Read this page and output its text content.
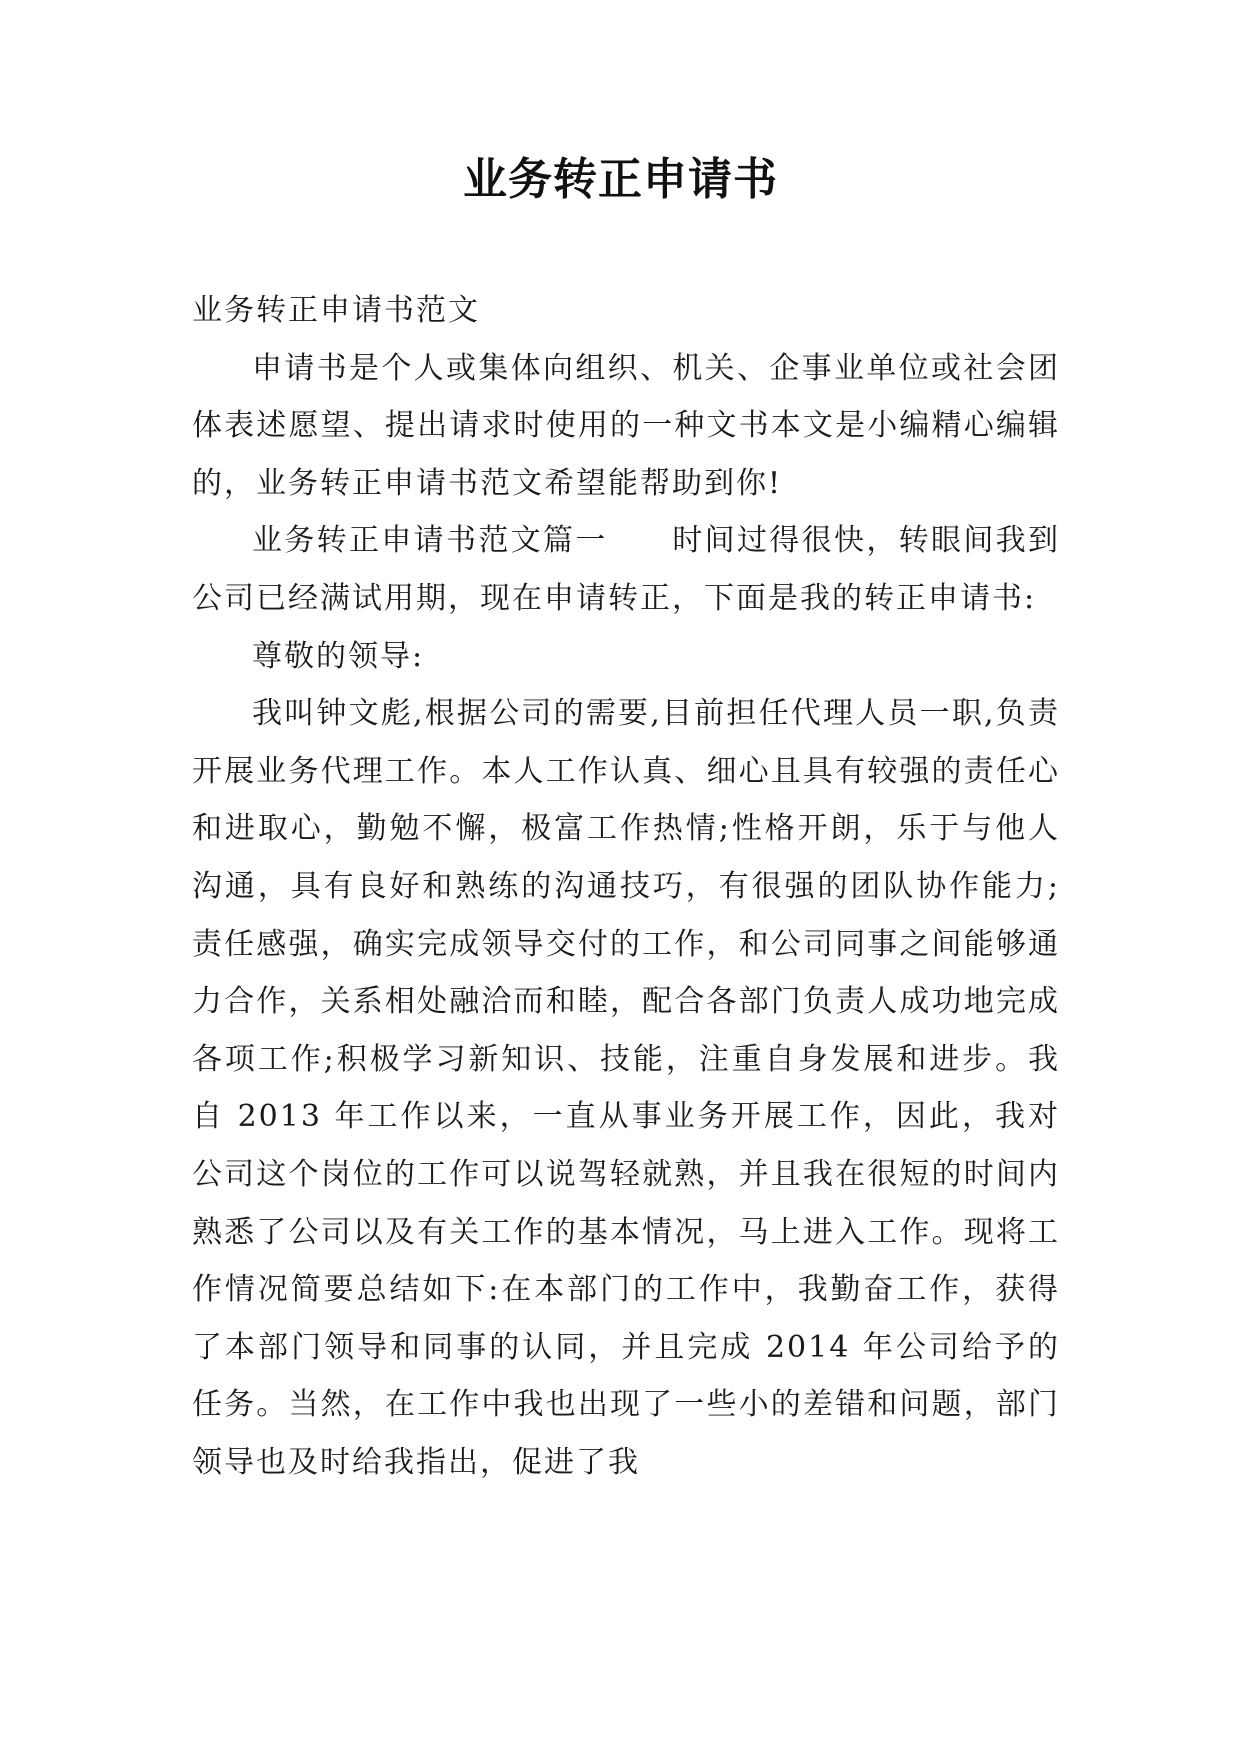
业务转正申请书

业务转正申请书范文

申请书是个人或集体向组织、机关、企事业单位或社会团体表述愿望、提出请求时使用的一种文书本文是小编精心编辑的，业务转正申请书范文希望能帮助到你!

业务转正申请书范文篇一　　时间过得很快，转眼间我到公司已经满试用期，现在申请转正，下面是我的转正申请书:

尊敬的领导:

我叫钟文彪,根据公司的需要,目前担任代理人员一职,负责开展业务代理工作。本人工作认真、细心且具有较强的责任心和进取心，勤勉不懈，极富工作热情;性格开朗，乐于与他人沟通，具有良好和熟练的沟通技巧，有很强的团队协作能力;责任感强，确实完成领导交付的工作，和公司同事之间能够通力合作，关系相处融洽而和睦，配合各部门负责人成功地完成各项工作;积极学习新知识、技能，注重自身发展和进步。我自 2013 年工作以来，一直从事业务开展工作，因此，我对公司这个岗位的工作可以说驾轻就熟，并且我在很短的时间内熟悉了公司以及有关工作的基本情况，马上进入工作。现将工作情况简要总结如下:在本部门的工作中，我勤奋工作，获得了本部门领导和同事的认同，并且完成 2014 年公司给予的任务。当然，在工作中我也出现了一些小的差错和问题，部门领导也及时给我指出，促进了我
